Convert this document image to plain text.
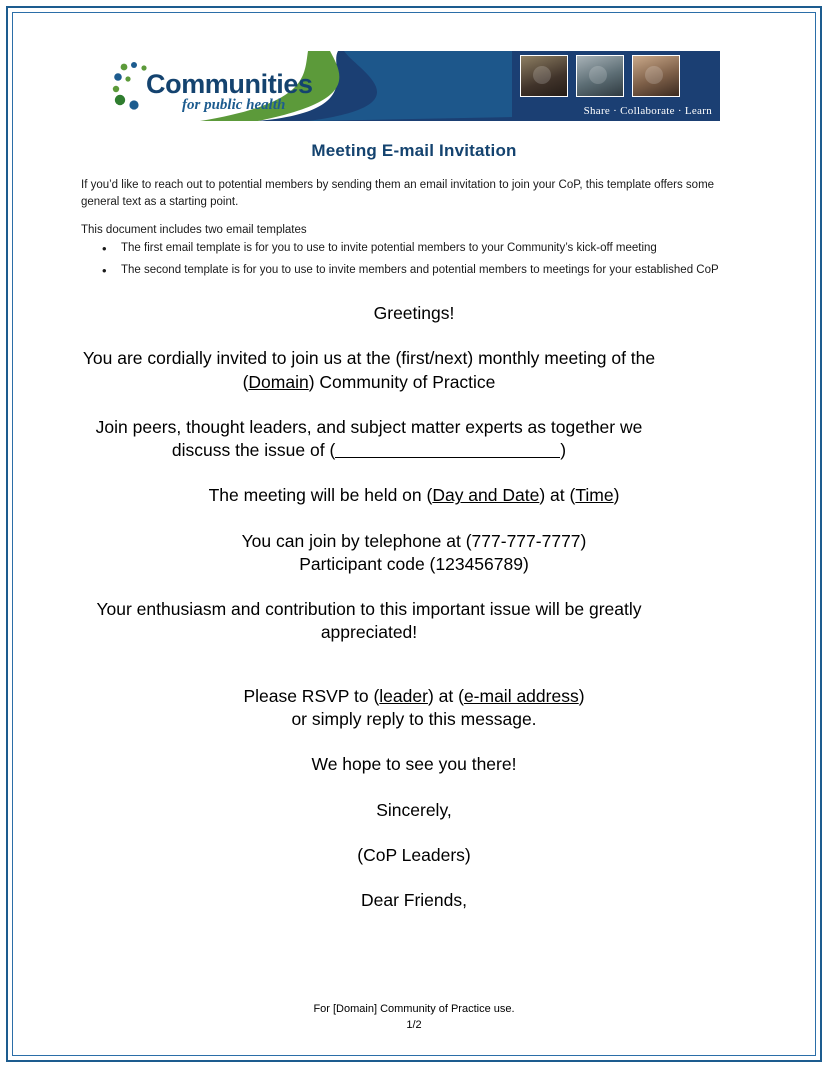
Share · Collaborate · Learn
Communities
for public health
Meeting E-mail Invitation

If you’d like to reach out to potential members by sending them an email invitation to join your CoP, this template offers some general text as a starting point.

This document includes two email templates

• The first email template is for you to use to invite potential members to your Community’s kick-off meeting
• The second template is for you to use to invite members and potential members to meetings for your established CoP
Greetings!
You are cordially invited to join us at the (first/next) monthly meeting of the (Domain) Community of Practice
Join peers, thought leaders, and subject matter experts as together we discuss the issue of (	)
The meeting will be held on (Day and Date) at (Time)
You can join by telephone at (777-777-7777)
Participant code (123456789)
Your enthusiasm and contribution to this important issue will be greatly appreciated!
Please RSVP to (leader) at (e-mail address)
or simply reply to this message.
We hope to see you there!
Sincerely,
(CoP Leaders)
Dear Friends,
For [Domain] Community of Practice use.
1/2
